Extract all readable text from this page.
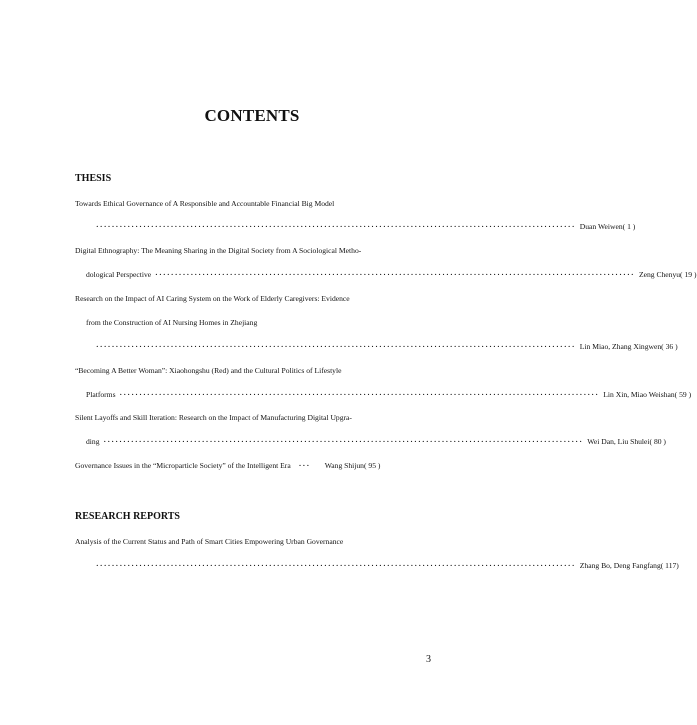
CONTENTS
THESIS
Towards Ethical Governance of A Responsible and Accountable Financial Big Model
·························································································································· Duan Weiwen( 1 )
Digital Ethnography: The Meaning Sharing in the Digital Society from A Sociological Metho-
dological Perspective ·························································································································· Zeng Chenyu( 19 )
Research on the Impact of AI Caring System on the Work of Elderly Caregivers: Evidence
from the Construction of AI Nursing Homes in Zhejiang
·························································································································· Lin Miao, Zhang Xingwen( 36 )
“Becoming A Better Woman”: Xiaohongshu (Red) and the Cultural Politics of Lifestyle
Platforms ·························································································································· Lin Xin, Miao Weishan( 59 )
Silent Layoffs and Skill Iteration: Research on the Impact of Manufacturing Digital Upgra-
ding ·························································································································· Wei Dan, Liu Shulei( 80 )
Governance Issues in the “Microparticle Society” of the Intelligent Era ···	Wang Shijun( 95 )
RESEARCH REPORTS
Analysis of the Current Status and Path of Smart Cities Empowering Urban Governance
·························································································································· Zhang Bo, Deng Fangfang( 117)
3
